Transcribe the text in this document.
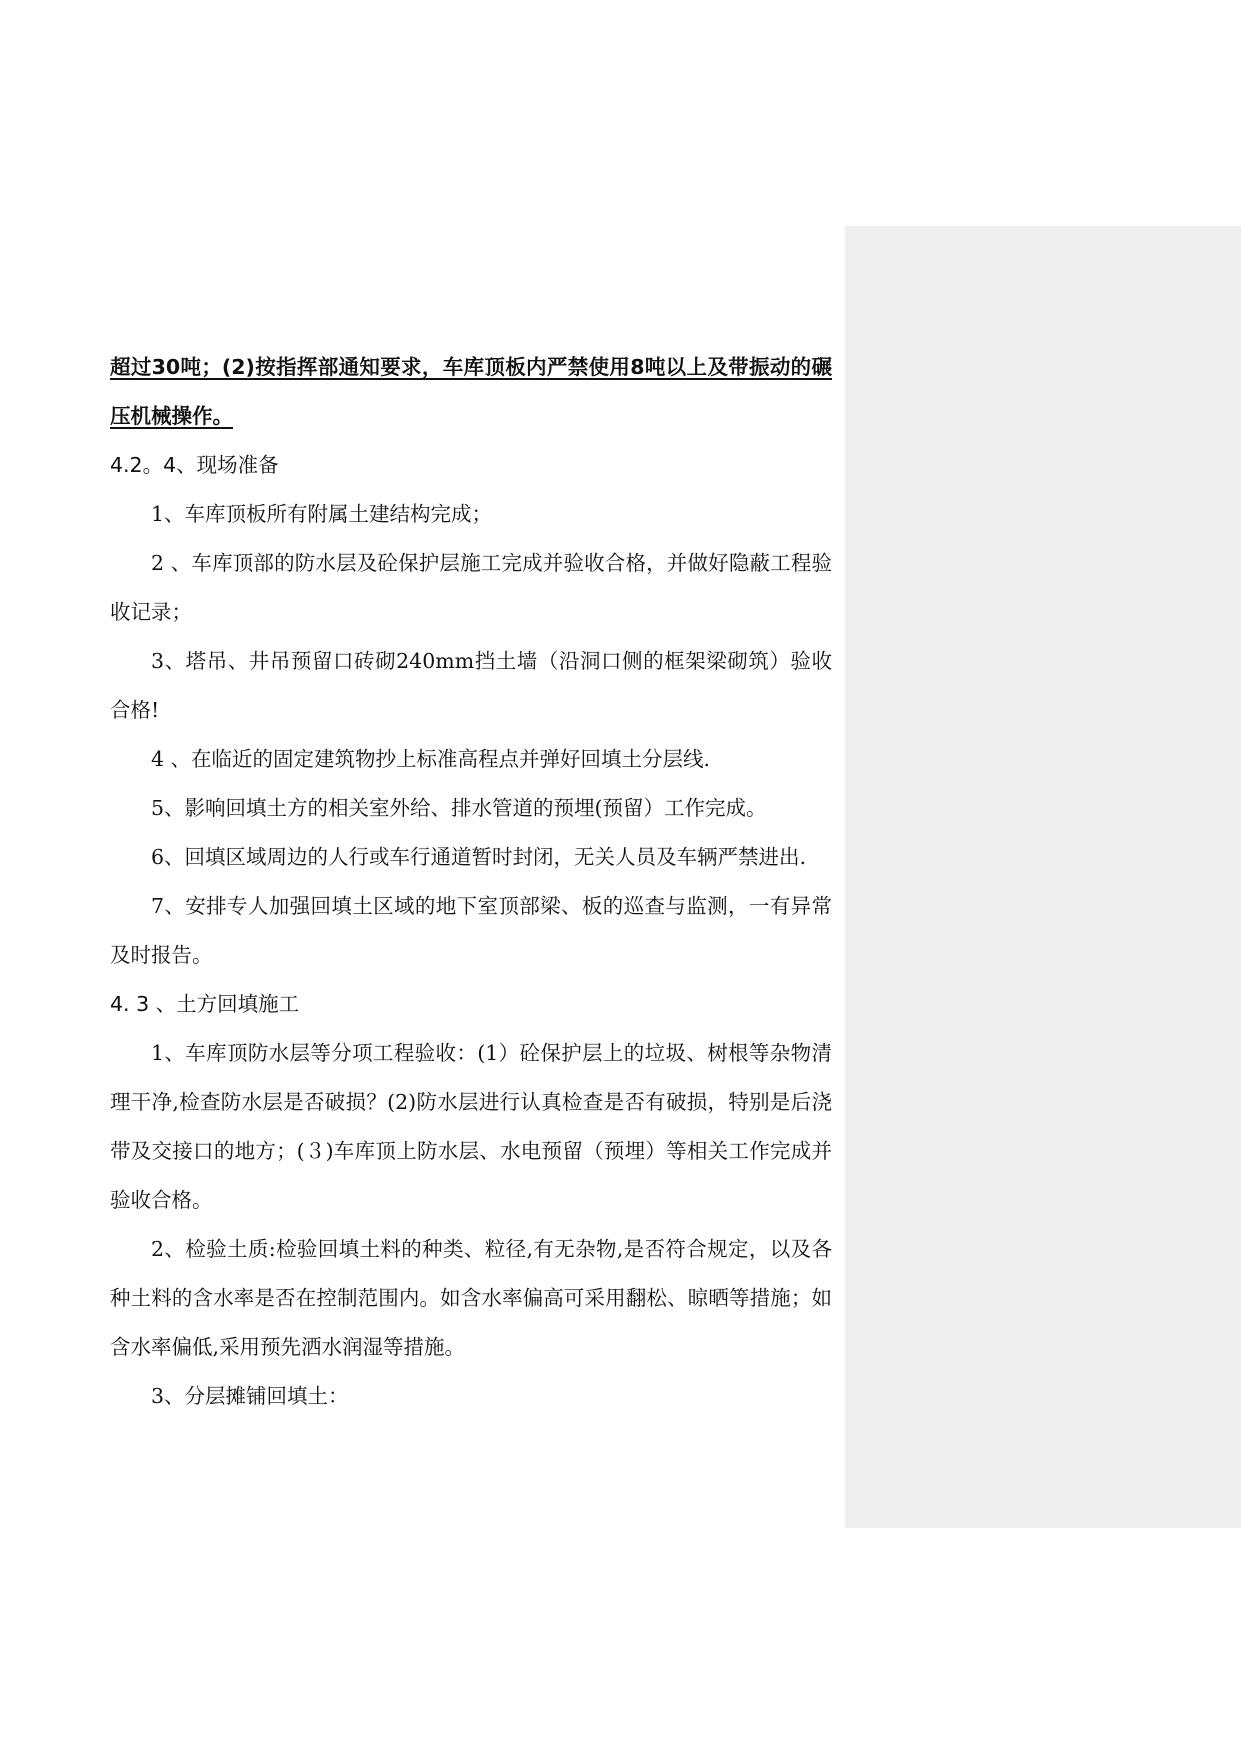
超过30吨；(2)按指挥部通知要求，车库顶板内严禁使用8吨以上及带振动的碾压机械操作。

4.2。4、现场准备

1、车库顶板所有附属土建结构完成；

2 、车库顶部的防水层及砼保护层施工完成并验收合格，并做好隐蔽工程验收记录；

3、塔吊、井吊预留口砖砌240mm挡土墙（沿洞口侧的框架梁砌筑）验收合格!

4 、在临近的固定建筑物抄上标准高程点并弹好回填土分层线.

5、影响回填土方的相关室外给、排水管道的预埋(预留）工作完成。

6、回填区域周边的人行或车行通道暂时封闭，无关人员及车辆严禁进出.

7、安排专人加强回填土区域的地下室顶部梁、板的巡查与监测，一有异常及时报告。

4. 3 、土方回填施工

1、车库顶防水层等分项工程验收：(1）砼保护层上的垃圾、树根等杂物清理干净,检查防水层是否破损？(2)防水层进行认真检查是否有破损，特别是后浇带及交接口的地方；(３)车库顶上防水层、水电预留（预埋）等相关工作完成并验收合格。

2、检验土质:检验回填土料的种类、粒径,有无杂物,是否符合规定，以及各种土料的含水率是否在控制范围内。如含水率偏高可采用翻松、晾晒等措施；如含水率偏低,采用预先洒水润湿等措施。

3、分层摊铺回填土：
